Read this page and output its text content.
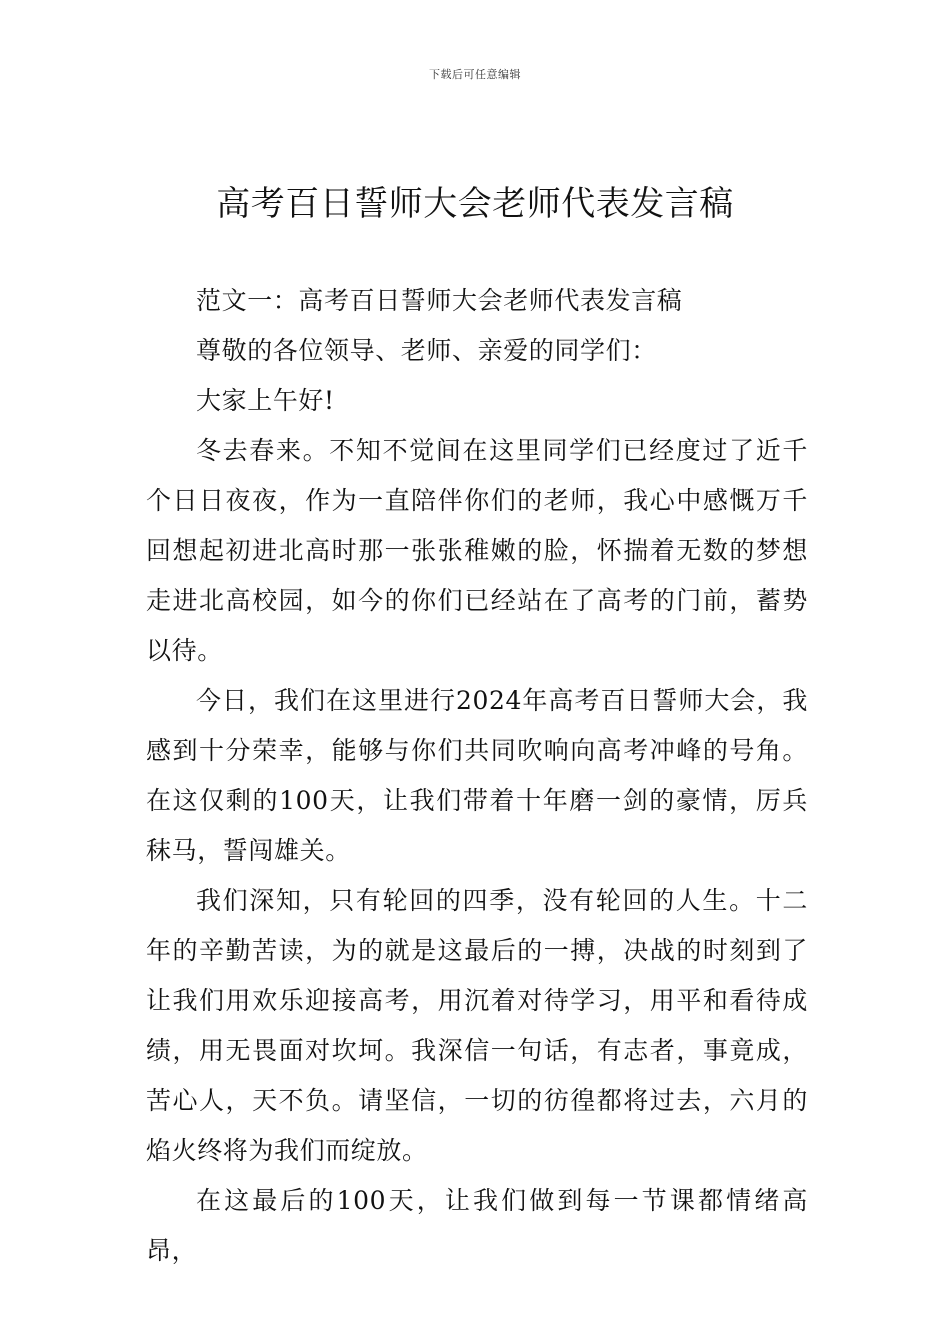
下载后可任意编辑
高考百日誓师大会老师代表发言稿

范文一：高考百日誓师大会老师代表发言稿

尊敬的各位领导、老师、亲爱的同学们：

大家上午好!

冬去春来。不知不觉间在这里同学们已经度过了近千个日日夜夜，作为一直陪伴你们的老师，我心中感慨万千回想起初进北高时那一张张稚嫩的脸，怀揣着无数的梦想走进北高校园，如今的你们已经站在了高考的门前，蓄势以待。

今日，我们在这里进行2024年高考百日誓师大会，我感到十分荣幸，能够与你们共同吹响向高考冲峰的号角。在这仅剩的100天，让我们带着十年磨一剑的豪情，厉兵秣马，誓闯雄关。

我们深知，只有轮回的四季，没有轮回的人生。十二年的辛勤苦读，为的就是这最后的一搏，决战的时刻到了让我们用欢乐迎接高考，用沉着对待学习，用平和看待成绩，用无畏面对坎坷。我深信一句话，有志者，事竟成，苦心人，天不负。请坚信，一切的彷徨都将过去，六月的焰火终将为我们而绽放。

在这最后的100天，让我们做到每一节课都情绪高昂，
